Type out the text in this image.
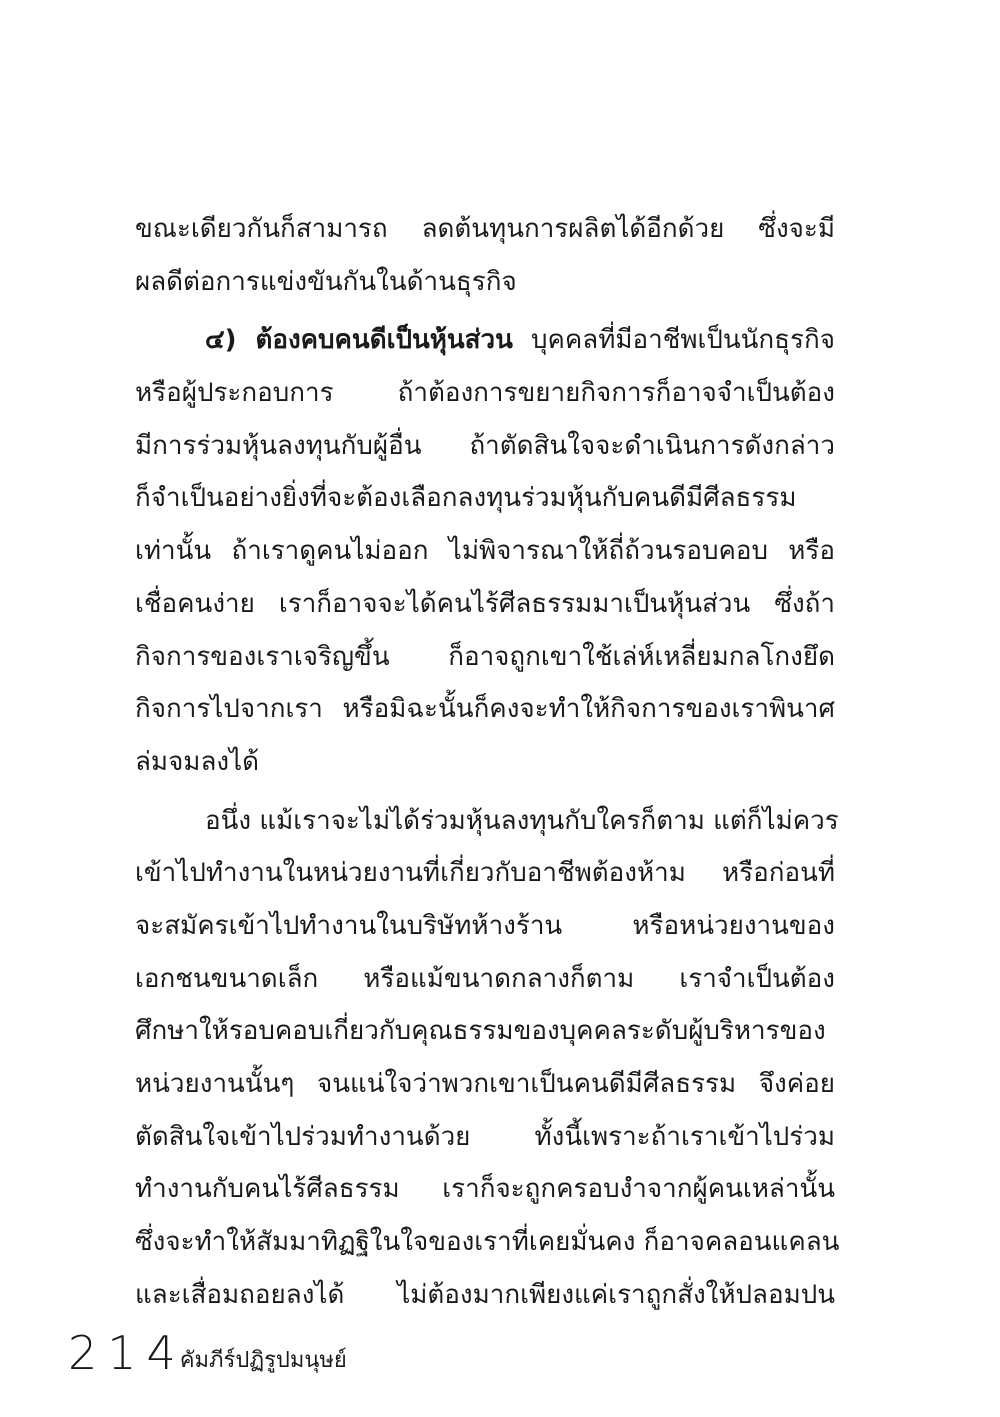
ขณะเดียวกันก็สามารถ ลดต้นทุนการผลิตได้อีกด้วย ซึ่งจะมี
ผลดีต่อการแข่งขันกันในด้านธุรกิจ
๔) ต้องคบคนดีเป็นหุ้นส่วน บุคคลที่มีอาชีพเป็นนักธุรกิจ
หรือผู้ประกอบการ ถ้าต้องการขยายกิจการก็อาจจำเป็นต้อง
มีการร่วมหุ้นลงทุนกับผู้อื่น ถ้าตัดสินใจจะดำเนินการดังกล่าว
ก็จำเป็นอย่างยิ่งที่จะต้องเลือกลงทุนร่วมหุ้นกับคนดีมีศีลธรรม
เท่านั้น ถ้าเราดูคนไม่ออก ไม่พิจารณาให้ถี่ถ้วนรอบคอบ หรือ
เชื่อคนง่าย เราก็อาจจะได้คนไร้ศีลธรรมมาเป็นหุ้นส่วน ซึ่งถ้า
กิจการของเราเจริญขึ้น ก็อาจถูกเขาใช้เล่ห์เหลี่ยมกลโกงยึด
กิจการไปจากเรา หรือมิฉะนั้นก็คงจะทำให้กิจการของเราพินาศ
ล่มจมลงได้
อนึ่ง แม้เราจะไม่ได้ร่วมหุ้นลงทุนกับใครก็ตาม แต่ก็ไม่ควร
เข้าไปทำงานในหน่วยงานที่เกี่ยวกับอาชีพต้องห้าม หรือก่อนที่
จะสมัครเข้าไปทำงานในบริษัทห้างร้าน หรือหน่วยงานของ
เอกชนขนาดเล็ก หรือแม้ขนาดกลางก็ตาม เราจำเป็นต้อง
ศึกษาให้รอบคอบเกี่ยวกับคุณธรรมของบุคคลระดับผู้บริหารของ
หน่วยงานนั้นๆ จนแน่ใจว่าพวกเขาเป็นคนดีมีศีลธรรม จึงค่อย
ตัดสินใจเข้าไปร่วมทำงานด้วย ทั้งนี้เพราะถ้าเราเข้าไปร่วม
ทำงานกับคนไร้ศีลธรรม เราก็จะถูกครอบงำจากผู้คนเหล่านั้น
ซึ่งจะทำให้สัมมาทิฏฐิในใจของเราที่เคยมั่นคง ก็อาจคลอนแคลน
และเสื่อมถอยลงได้ ไม่ต้องมากเพียงแค่เราถูกสั่งให้ปลอมปน
214
คัมภีร์ปฏิรูปมนุษย์
